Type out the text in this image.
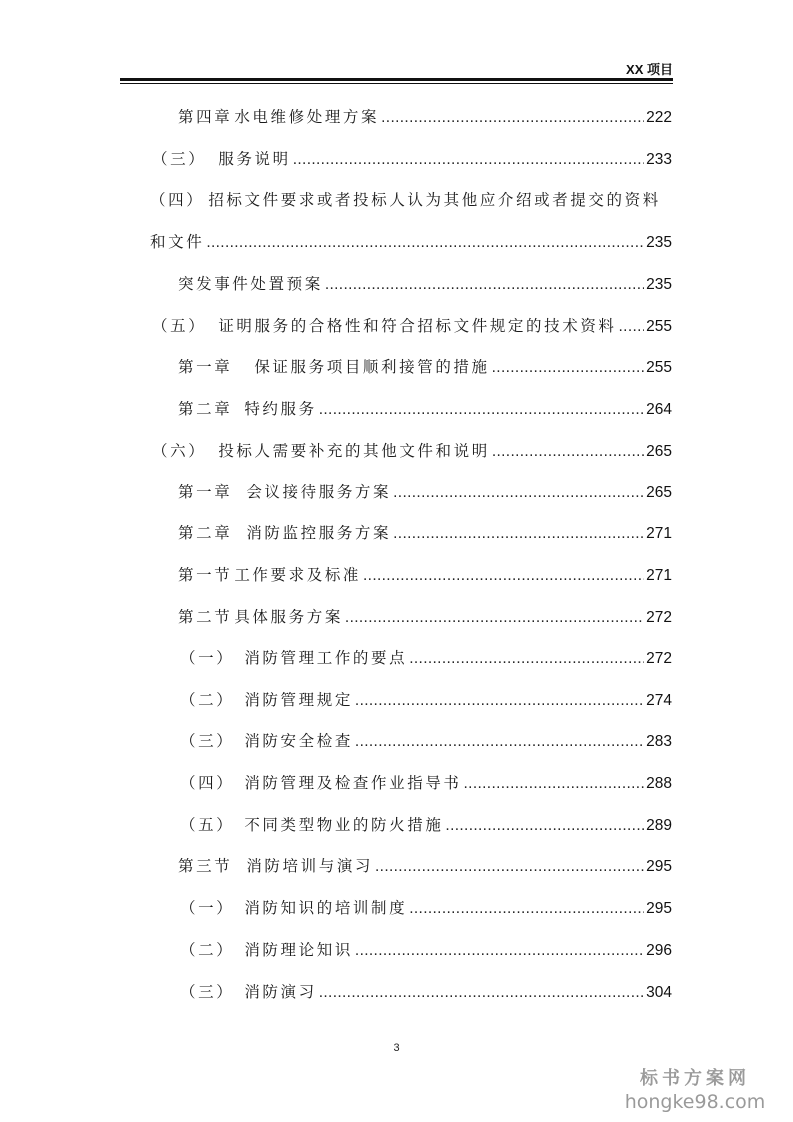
XX 项目
第四章 水电维修处理方案 .....	222
（三） 服务说明 .....	233
（四） 招标文件要求或者投标人认为其他应介绍或者提交的资料
和文件 .....	235
突发事件处置预案 .....	235
（五） 证明服务的合格性和符合招标文件规定的技术资料 ..... 255
第一章 保证服务项目顺利接管的措施 .....	255
第二章 特约服务 .....	264
（六） 投标人需要补充的其他文件和说明 .....	265
第一章 会议接待服务方案 .....	265
第二章 消防监控服务方案 .....	271
第一节 工作要求及标准 .....	271
第二节 具体服务方案 .....	272
（一） 消防管理工作的要点 .....	272
（二） 消防管理规定 .....	274
（三） 消防安全检查 .....	283
（四） 消防管理及检查作业指导书 .....	288
（五） 不同类型物业的防火措施 .....	289
第三节 消防培训与演习 .....	295
（一） 消防知识的培训制度 .....	295
（二） 消防理论知识 .....	296
（三） 消防演习 .....	304
3
标书方案网
hongke98.com
